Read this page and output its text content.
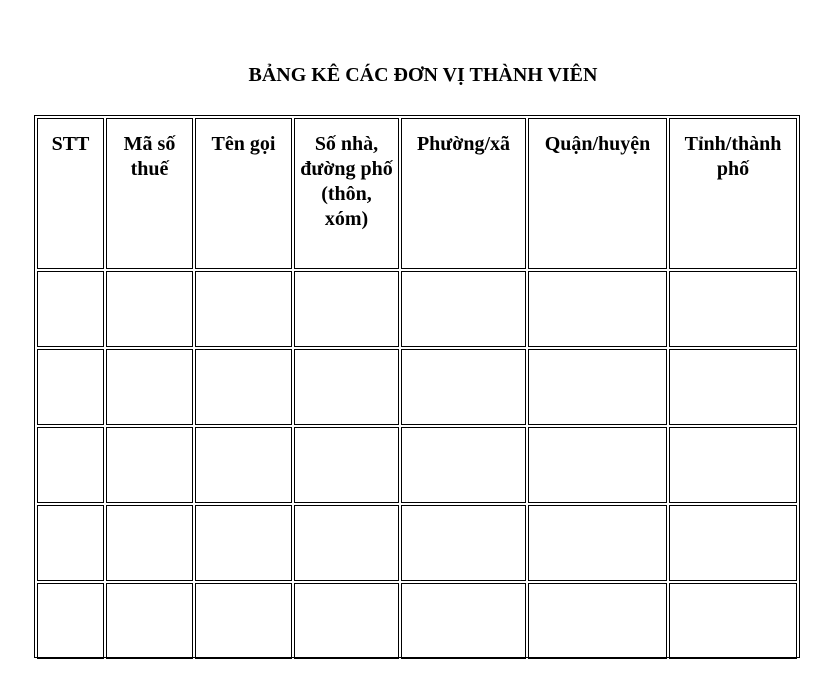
BẢNG KÊ CÁC ĐƠN VỊ THÀNH VIÊN
STT	Mã số thuế	Tên gọi	Số nhà, đường phố (thôn, xóm)	Phường/xã	Quận/huyện	Tỉnh/thành phố
